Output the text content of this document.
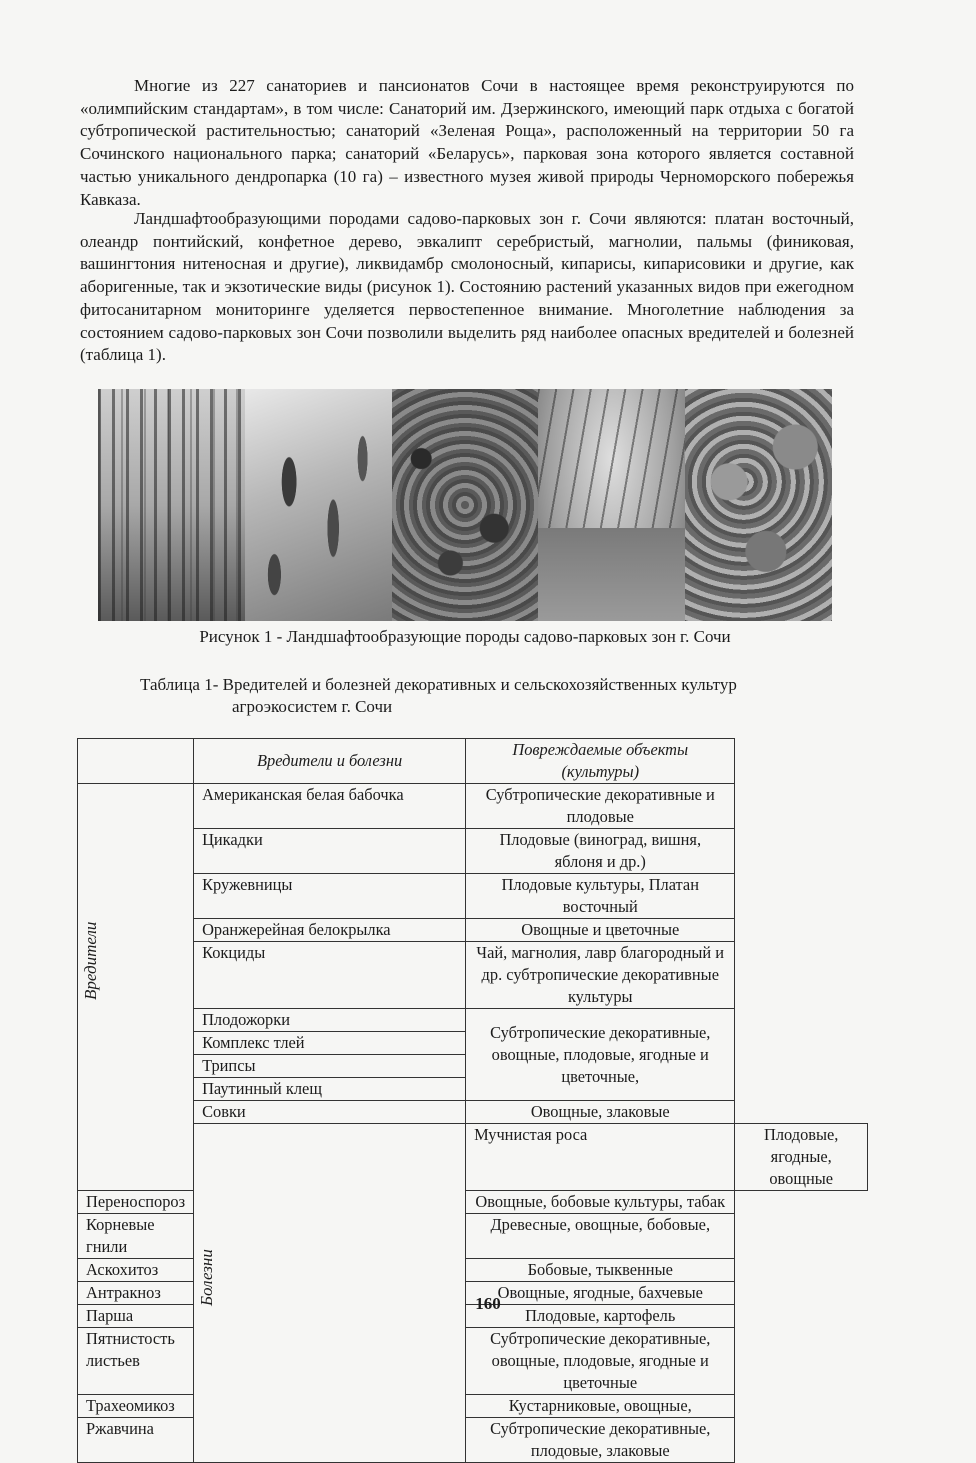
Многие из 227 санаториев и пансионатов Сочи в настоящее время реконструируются по «олимпийским стандартам», в том числе: Санаторий им. Дзержинского, имеющий парк отдыха с богатой субтропической растительностью; санаторий «Зеленая Роща», расположенный на территории 50 га Сочинского национального парка; санаторий «Беларусь», парковая зона которого является составной частью уникального дендропарка (10 га) – известного музея живой природы Черноморского побережья Кавказа.

Ландшафтообразующими породами садово-парковых зон г. Сочи являются: платан восточный, олеандр понтийский, конфетное дерево, эвкалипт серебристый, магнолии, пальмы (финиковая, вашингтония нитеносная и другие), ликвидамбр смолоносный, кипарисы, кипарисовики и другие, как аборигенные, так и экзотические виды (рисунок 1). Состоянию растений указанных видов при ежегодном фитосанитарном мониторинге уделяется первостепенное внимание. Многолетние наблюдения за состоянием садово-парковых зон Сочи позволили выделить ряд наиболее опасных вредителей и болезней (таблица 1).

Рисунок 1 - Ландшафтообразующие породы садово-парковых зон г. Сочи

Таблица 1- Вредителей и болезней декоративных и сельскохозяйственных культур
агроэкосистем г. Сочи

	Вредители и болезни	Повреждаемые объекты (культуры)	

Вредители	Американская белая бабочка	Субтропические декоративные и плодовые	
	Цикадки	Плодовые (виноград, вишня, яблоня и др.)	
	Кружевницы	Плодовые культуры, Платан восточный	
	Оранжерейная белокрылка	Овощные и цветочные	
	Кокциды	Чай, магнолия, лавр благородный и др. субтропические декоративные культуры	
	Плодожорки	Субтропические декоративные, овощные, плодовые, ягодные и цветочные,	
	Комплекс тлей		
	Трипсы		
	Паутинный клещ		
	Совки	Овощные, злаковые	

	Болезни	Мучнистая роса	Плодовые, ягодные, овощные
Переноспороз		Овощные, бобовые культуры, табак	
Корневые гнили		Древесные, овощные, бобовые,	
Аскохитоз		Бобовые, тыквенные	
Антракноз		Овощные, ягодные, бахчевые	
Парша		Плодовые, картофель	
Пятнистость листьев		Субтропические декоративные, овощные, плодовые, ягодные и цветочные	
Трахеомикоз		Кустарниковые, овощные,	
Ржавчина		Субтропические декоративные, плодовые, злаковые	

160
